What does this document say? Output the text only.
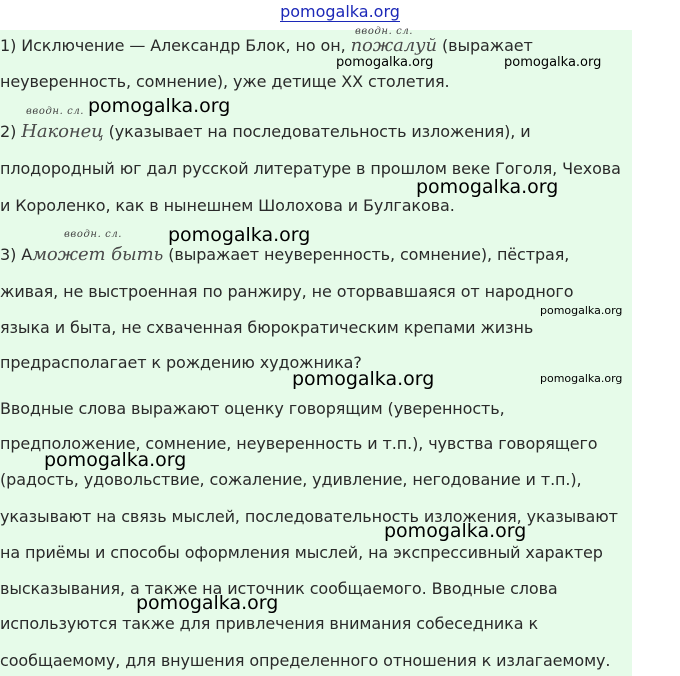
pomogalka.org
вводн. сл.
1) Исключение — Александр Блок, но он, пожалуй (выражает
неуверенность, сомнение), уже детище XX столетия.
вводн. сл.
2) Наконец (указывает на последовательность изложения), и
плодородный юг дал русской литературе в прошлом веке Гоголя, Чехова
и Короленко, как в нынешнем Шолохова и Булгакова.
вводн. сл.
3) Аможет быть (выражает неуверенность, сомнение), пёстрая,
живая, не выстроенная по ранжиру, не оторвавшаяся от народного
языка и быта, не схваченная бюрократическим крепами жизнь
предрасполагает к рождению художника?
Вводные слова выражают оценку говорящим (уверенность,
предположение, сомнение, неуверенность и т.п.), чувства говорящего
(радость, удовольствие, сожаление, удивление, негодование и т.п.),
указывают на связь мыслей, последовательность изложения, указывают
на приёмы и способы оформления мыслей, на экспрессивный характер
высказывания, а также на источник сообщаемого. Вводные слова
используются также для привлечения внимания собеседника к
сообщаемому, для внушения определенного отношения к излагаемому.
pomogalka.org	pomogalka.org
pomogalka.org
pomogalka.org
pomogalka.org
pomogalka.org
pomogalka.org	pomogalka.org
pomogalka.org
pomogalka.org
pomogalka.org
